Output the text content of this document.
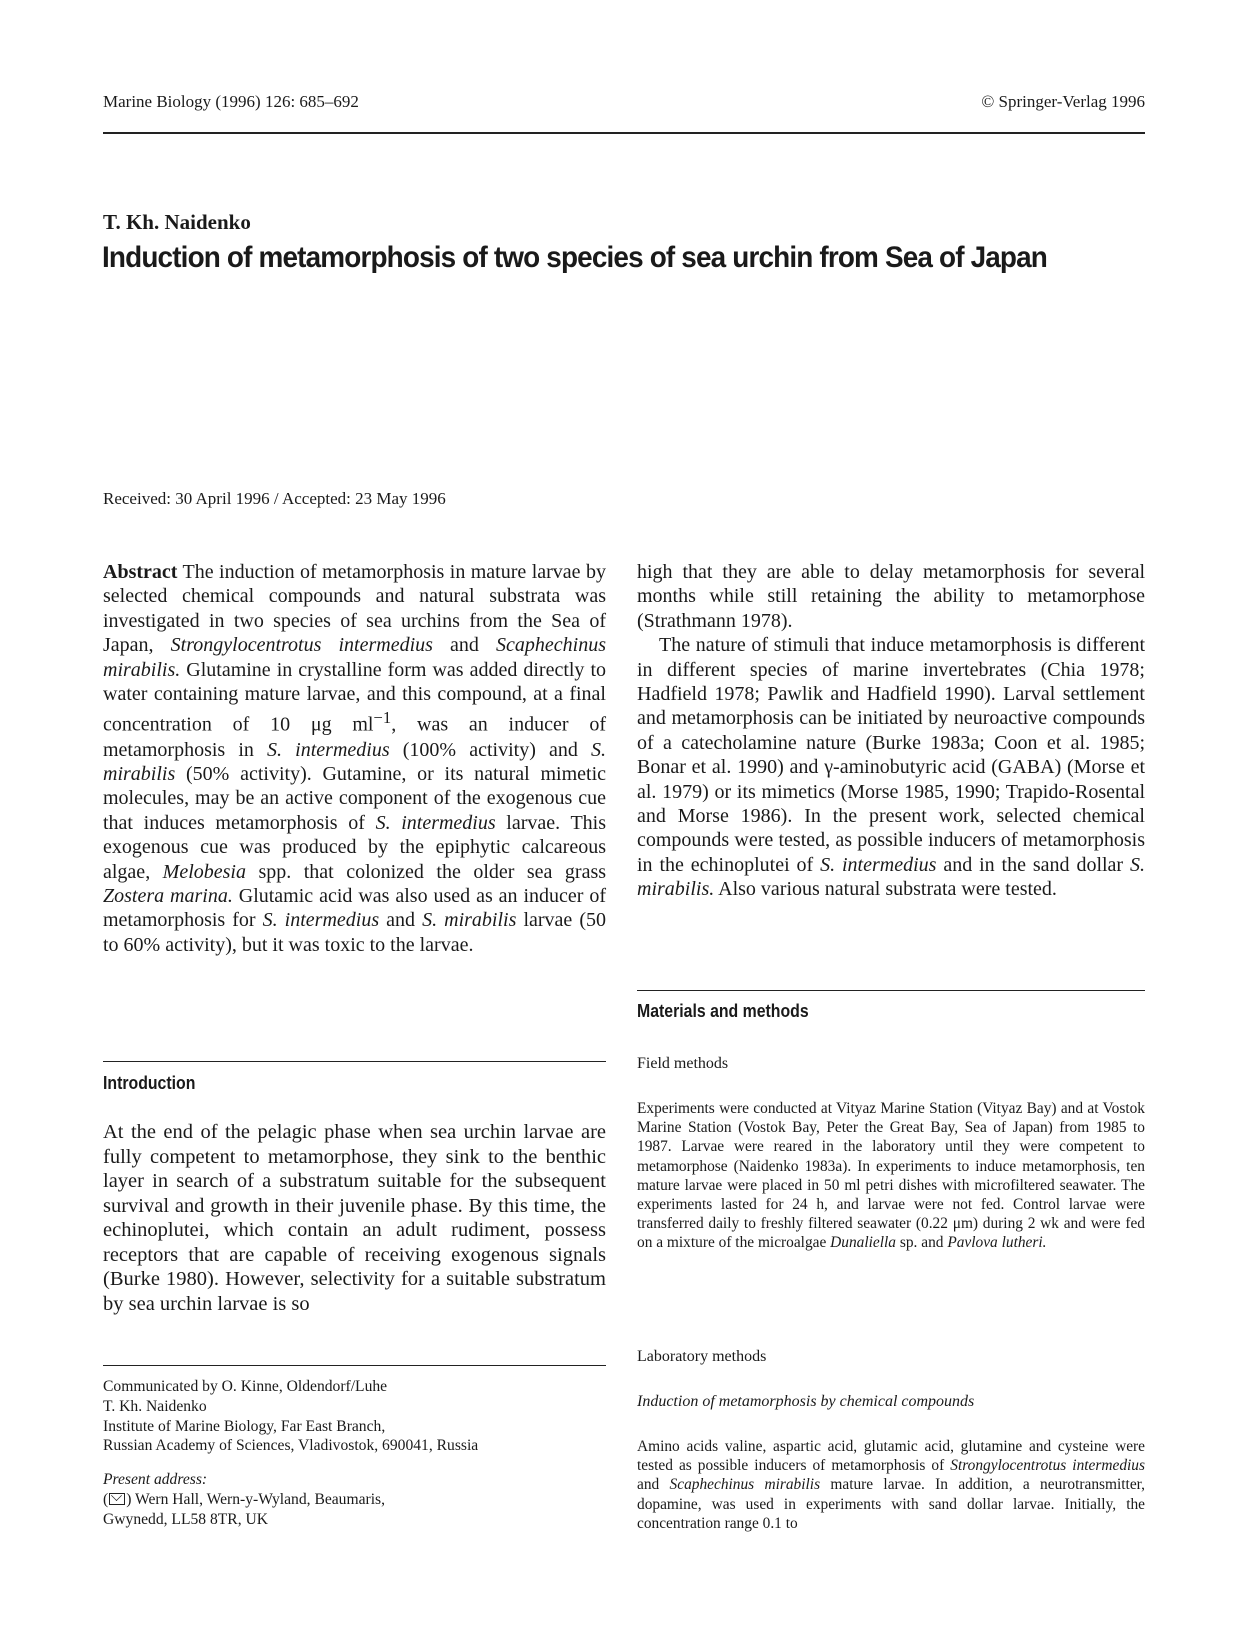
Marine Biology (1996) 126: 685–692	© Springer-Verlag 1996
T. Kh. Naidenko
Induction of metamorphosis of two species of sea urchin from Sea of Japan
Received: 30 April 1996 / Accepted: 23 May 1996
Abstract The induction of metamorphosis in mature larvae by selected chemical compounds and natural substrata was investigated in two species of sea urchins from the Sea of Japan, Strongylocentrotus intermedius and Scaphechinus mirabilis. Glutamine in crystalline form was added directly to water containing mature larvae, and this compound, at a final concentration of 10 μg $ml^{-1}$, was an inducer of metamorphosis in S. intermedius (100% activity) and S. mirabilis (50% activity). Gutamine, or its natural mimetic molecules, may be an active component of the exogenous cue that induces metamorphosis of S. intermedius larvae. This exogenous cue was produced by the epiphytic calcareous algae, Melobesia spp. that colonized the older sea grass Zostera marina. Glutamic acid was also used as an inducer of metamorphosis for S. intermedius and S. mirabilis larvae (50 to 60% activity), but it was toxic to the larvae.

high that they are able to delay metamorphosis for several months while still retaining the ability to metamorphose (Strathmann 1978).

The nature of stimuli that induce metamorphosis is different in different species of marine invertebrates (Chia 1978; Hadfield 1978; Pawlik and Hadfield 1990). Larval settlement and metamorphosis can be initiated by neuroactive compounds of a catecholamine nature (Burke 1983a; Coon et al. 1985; Bonar et al. 1990) and γ-aminobutyric acid (GABA) (Morse et al. 1979) or its mimetics (Morse 1985, 1990; Trapido-Rosental and Morse 1986). In the present work, selected chemical compounds were tested, as possible inducers of metamorphosis in the echinoplutei of S. intermedius and in the sand dollar S. mirabilis. Also various natural substrata were tested.

Introduction
At the end of the pelagic phase when sea urchin larvae are fully competent to metamorphose, they sink to the benthic layer in search of a substratum suitable for the subsequent survival and growth in their juvenile phase. By this time, the echinoplutei, which contain an adult rudiment, possess receptors that are capable of receiving exogenous signals (Burke 1980). However, selectivity for a suitable substratum by sea urchin larvae is so
Materials and methods
Field methods
Experiments were conducted at Vityaz Marine Station (Vityaz Bay) and at Vostok Marine Station (Vostok Bay, Peter the Great Bay, Sea of Japan) from 1985 to 1987. Larvae were reared in the laboratory until they were competent to metamorphose (Naidenko 1983a). In experiments to induce metamorphosis, ten mature larvae were placed in 50 ml petri dishes with microfiltered seawater. The experiments lasted for 24 h, and larvae were not fed. Control larvae were transferred daily to freshly filtered seawater (0.22 μm) during 2 wk and were fed on a mixture of the microalgae Dunaliella sp. and Pavlova lutheri.
Laboratory methods
Induction of metamorphosis by chemical compounds
Amino acids valine, aspartic acid, glutamic acid, glutamine and cysteine were tested as possible inducers of metamorphosis of Strongylocentrotus intermedius and Scaphechinus mirabilis mature larvae. In addition, a neurotransmitter, dopamine, was used in experiments with sand dollar larvae. Initially, the concentration range 0.1 to
Communicated by O. Kinne, Oldendorf/Luhe
T. Kh. Naidenko
Institute of Marine Biology, Far East Branch,
Russian Academy of Sciences, Vladivostok, 690041, Russia
Present address:
( ) Wern Hall, Wern-y-Wyland, Beaumaris,
Gwynedd, LL58 8TR, UK
